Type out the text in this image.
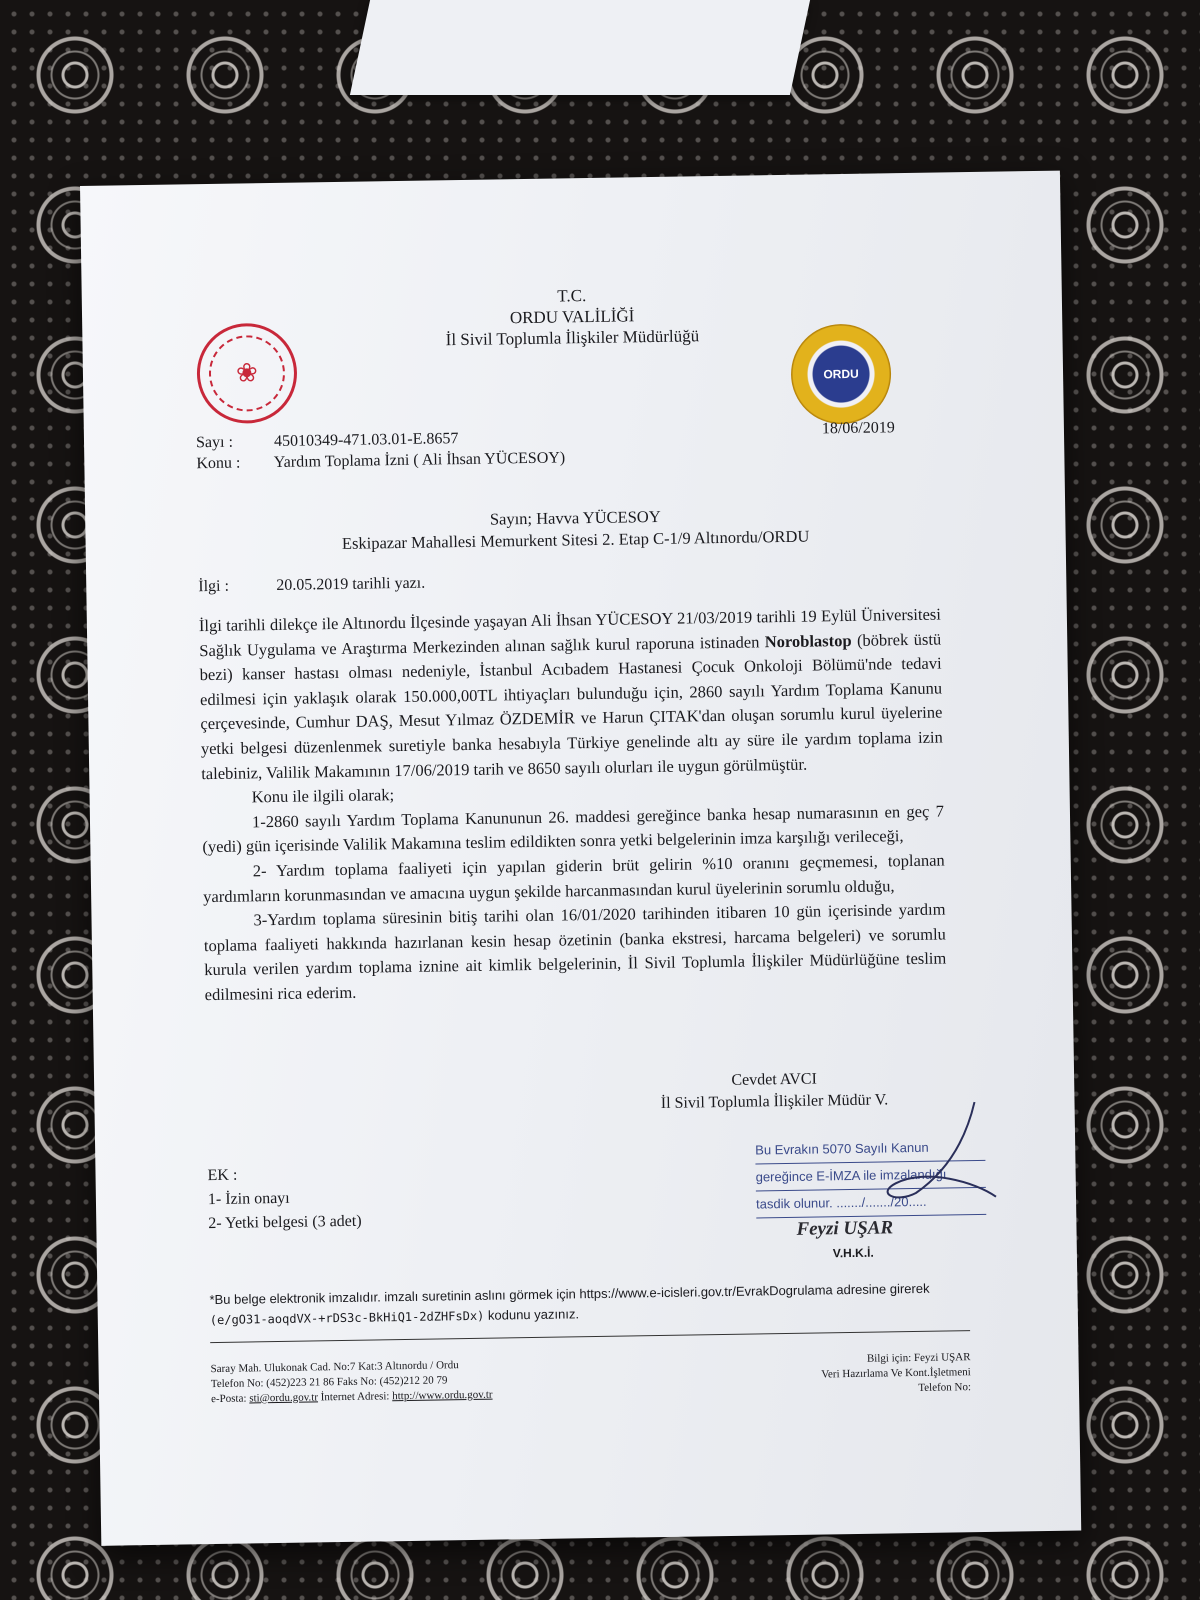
T.C.
ORDU VALİLİĞİ
İl Sivil Toplumla İlişkiler Müdürlüğü
❀	ORDU
18/06/2019
Sayı :	45010349-471.03.01-E.8657
Konu : Yardım Toplama İzni ( Ali İhsan YÜCESOY)
Sayın; Havva YÜCESOY
Eskipazar Mahallesi Memurkent Sitesi 2. Etap C-1/9 Altınordu/ORDU
İlgi :	20.05.2019 tarihli yazı.

İlgi tarihli dilekçe ile Altınordu İlçesinde yaşayan Ali İhsan YÜCESOY 21/03/2019 tarihli 19 Eylül Üniversitesi Sağlık Uygulama ve Araştırma Merkezinden alınan sağlık kurul raporuna istinaden Noroblastop (böbrek üstü bezi) kanser hastası olması nedeniyle, İstanbul Acıbadem Hastanesi Çocuk Onkoloji Bölümü'nde tedavi edilmesi için yaklaşık olarak 150.000,00TL ihtiyaçları bulunduğu için, 2860 sayılı Yardım Toplama Kanunu çerçevesinde, Cumhur DAŞ, Mesut Yılmaz ÖZDEMİR ve Harun ÇITAK'dan oluşan sorumlu kurul üyelerine yetki belgesi düzenlenmek suretiyle banka hesabıyla Türkiye genelinde altı ay süre ile yardım toplama izin talebiniz, Valilik Makamının 17/06/2019 tarih ve 8650 sayılı olurları ile uygun görülmüştür.

Konu ile ilgili olarak;

1-2860 sayılı Yardım Toplama Kanununun 26. maddesi gereğince banka hesap numarasının en geç 7 (yedi) gün içerisinde Valilik Makamına teslim edildikten sonra yetki belgelerinin imza karşılığı verileceği,

2- Yardım toplama faaliyeti için yapılan giderin brüt gelirin %10 oranını geçmemesi, toplanan yardımların korunmasından ve amacına uygun şekilde harcanmasından kurul üyelerinin sorumlu olduğu,

3-Yardım toplama süresinin bitiş tarihi olan 16/01/2020 tarihinden itibaren 10 gün içerisinde yardım toplama faaliyeti hakkında hazırlanan kesin hesap özetinin (banka ekstresi, harcama belgeleri) ve sorumlu kurula verilen yardım toplama iznine ait kimlik belgelerinin, İl Sivil Toplumla İlişkiler Müdürlüğüne teslim edilmesini rica ederim.

Cevdet AVCI
İl Sivil Toplumla İlişkiler Müdür V.
EK :
1- İzin onayı
2- Yetki belgesi (3 adet)
Bu Evrakın 5070 Sayılı Kanun
gereğince E-İMZA ile imzalandığı
tasdik olunur. ......./......./20.....
Feyzi UŞAR
V.H.K.İ.
*Bu belge elektronik imzalıdır. imzalı suretinin aslını görmek için https://www.e-icisleri.gov.tr/EvrakDogrulama adresine girerek (e/gO31-aoqdVX-+rDS3c-BkHiQ1-2dZHFsDx) kodunu yazınız.
Saray Mah. Ulukonak Cad. No:7 Kat:3 Altınordu / Ordu
Telefon No: (452)223 21 86 Faks No: (452)212 20 79
e-Posta: sti@ordu.gov.tr İnternet Adresi: http://www.ordu.gov.tr
Bilgi için: Feyzi UŞAR
Veri Hazırlama Ve Kont.İşletmeni
Telefon No:
